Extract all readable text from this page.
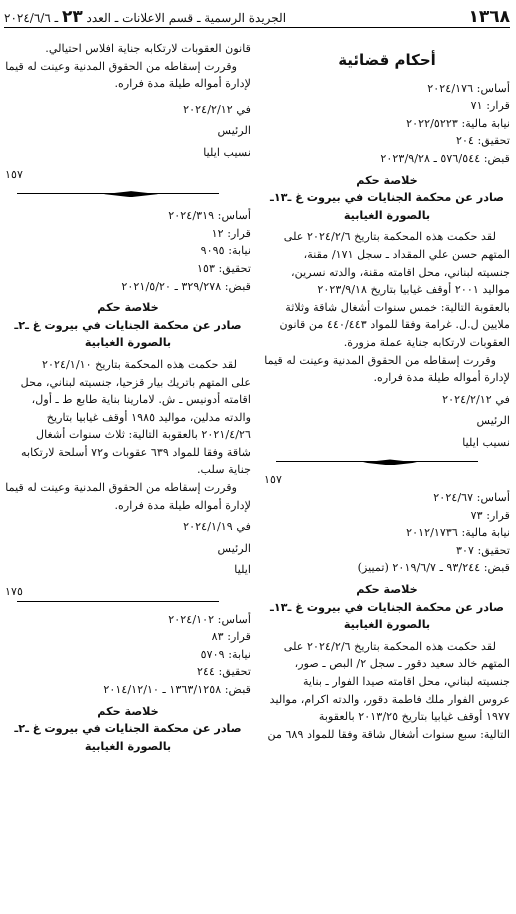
١٣٦٨
الجريدة الرسمية ـ قسم الاعلانات ـ العدد ٢٣ ـ ٢٠٢٤/٦/٦
أحكام قضائية
أساس: ٢٠٢٤/١٧٦
قرار: ٧١
نيابة مالية: ٢٠٢٢/٥٢٢٣
تحقيق: ٢٠٤
قبض: ٥٧٦/٥٤٤ ـ ٢٠٢٣/٩/٢٨
خلاصة حكم
صادر عن محكمة الجنايات في بيروت غ ـ١٣ـ
بالصورة الغيابية
لقد حكمت هذه المحكمة بتاريخ ٢٠٢٤/٢/٦ على
المتهم حسن علي المقداد ـ سجل ١٧١/ مقنة،
جنسيته لبناني، محل اقامته مقنة، والدته نسرين،
مواليد ٢٠٠١ أوقف غيابيا بتاريخ ٢٠٢٣/٩/١٨
بالعقوبة التالية: خمس سنوات أشغال شاقة وثلاثة
ملايين ل.ل. غرامة وفقا للمواد ٤٤٠/٤٤٣ من قانون
العقوبات لارتكابه جناية عملة مزورة.
وقررت إسقاطه من الحقوق المدنية وعينت له قيما
لإدارة أمواله طيلة مدة فراره.
في ٢٠٢٤/٢/١٢
الرئيس
نسيب ايليا
١٥٧
أساس: ٢٠٢٤/٦٧
قرار: ٧٣
نيابة مالية: ٢٠١٢/١٧٣٦
تحقيق: ٣٠٧
قبض: ٩٣/٢٤٤ ـ ٢٠١٩/٦/٧ (تمييز)
خلاصة حكم
صادر عن محكمة الجنايات في بيروت غ ـ١٣ـ
بالصورة الغيابية
لقد حكمت هذه المحكمة بتاريخ ٢٠٢٤/٢/٦ على
المتهم خالد سعيد دقور ـ سجل ٢/ البص ـ صور،
جنسيته لبناني، محل اقامته صيدا الفوار ـ بناية
عروس الفوار ملك فاطمة دقور، والدته اكرام، مواليد
١٩٧٧ أوقف غيابيا بتاريخ ٢٠١٣/٢٥ بالعقوبة
التالية: سبع سنوات أشغال شاقة وفقا للمواد ٦٨٩ من
قانون العقوبات لارتكابه جناية افلاس احتيالي.
وقررت إسقاطه من الحقوق المدنية وعينت له قيما
لإدارة أمواله طيلة مدة فراره.
في ٢٠٢٤/٢/١٢
الرئيس
نسيب ايليا
١٥٧
أساس: ٢٠٢٤/٣١٩
قرار: ١٢
نيابة: ٩٠٩٥
تحقيق: ١٥٣
قبض: ٣٢٩/٢٧٨ ـ ٢٠٢١/٥/٢٠
خلاصة حكم
صادر عن محكمة الجنايات في بيروت غ ـ٢ـ
بالصورة الغيابية
لقد حكمت هذه المحكمة بتاريخ ٢٠٢٤/١/١٠
على المتهم باتريك بيار قزحيا، جنسيته لبناني، محل
اقامته أدونيس ـ ش. لامارينا بناية طابع ط ـ أول،
والدته مدلين، مواليد ١٩٨٥ أوقف غيابيا بتاريخ
٢٠٢١/٤/٢٦ بالعقوبة التالية: ثلاث سنوات أشغال
شاقة وفقا للمواد ٦٣٩ عقوبات و٧٢ أسلحة لارتكابه
جناية سلب.
وقررت إسقاطه من الحقوق المدنية وعينت له قيما
لإدارة أمواله طيلة مدة فراره.
في ٢٠٢٤/١/١٩
الرئيس
ايليا
١٧٥
أساس: ٢٠٢٤/١٠٢
قرار: ٨٣
نيابة: ٥٧٠٩
تحقيق: ٢٤٤
قبض: ١٣٦٣/١٢٥٨ ـ ٢٠١٤/١٢/١٠
خلاصة حكم
صادر عن محكمة الجنايات في بيروت غ ـ٢ـ
بالصورة الغيابية
